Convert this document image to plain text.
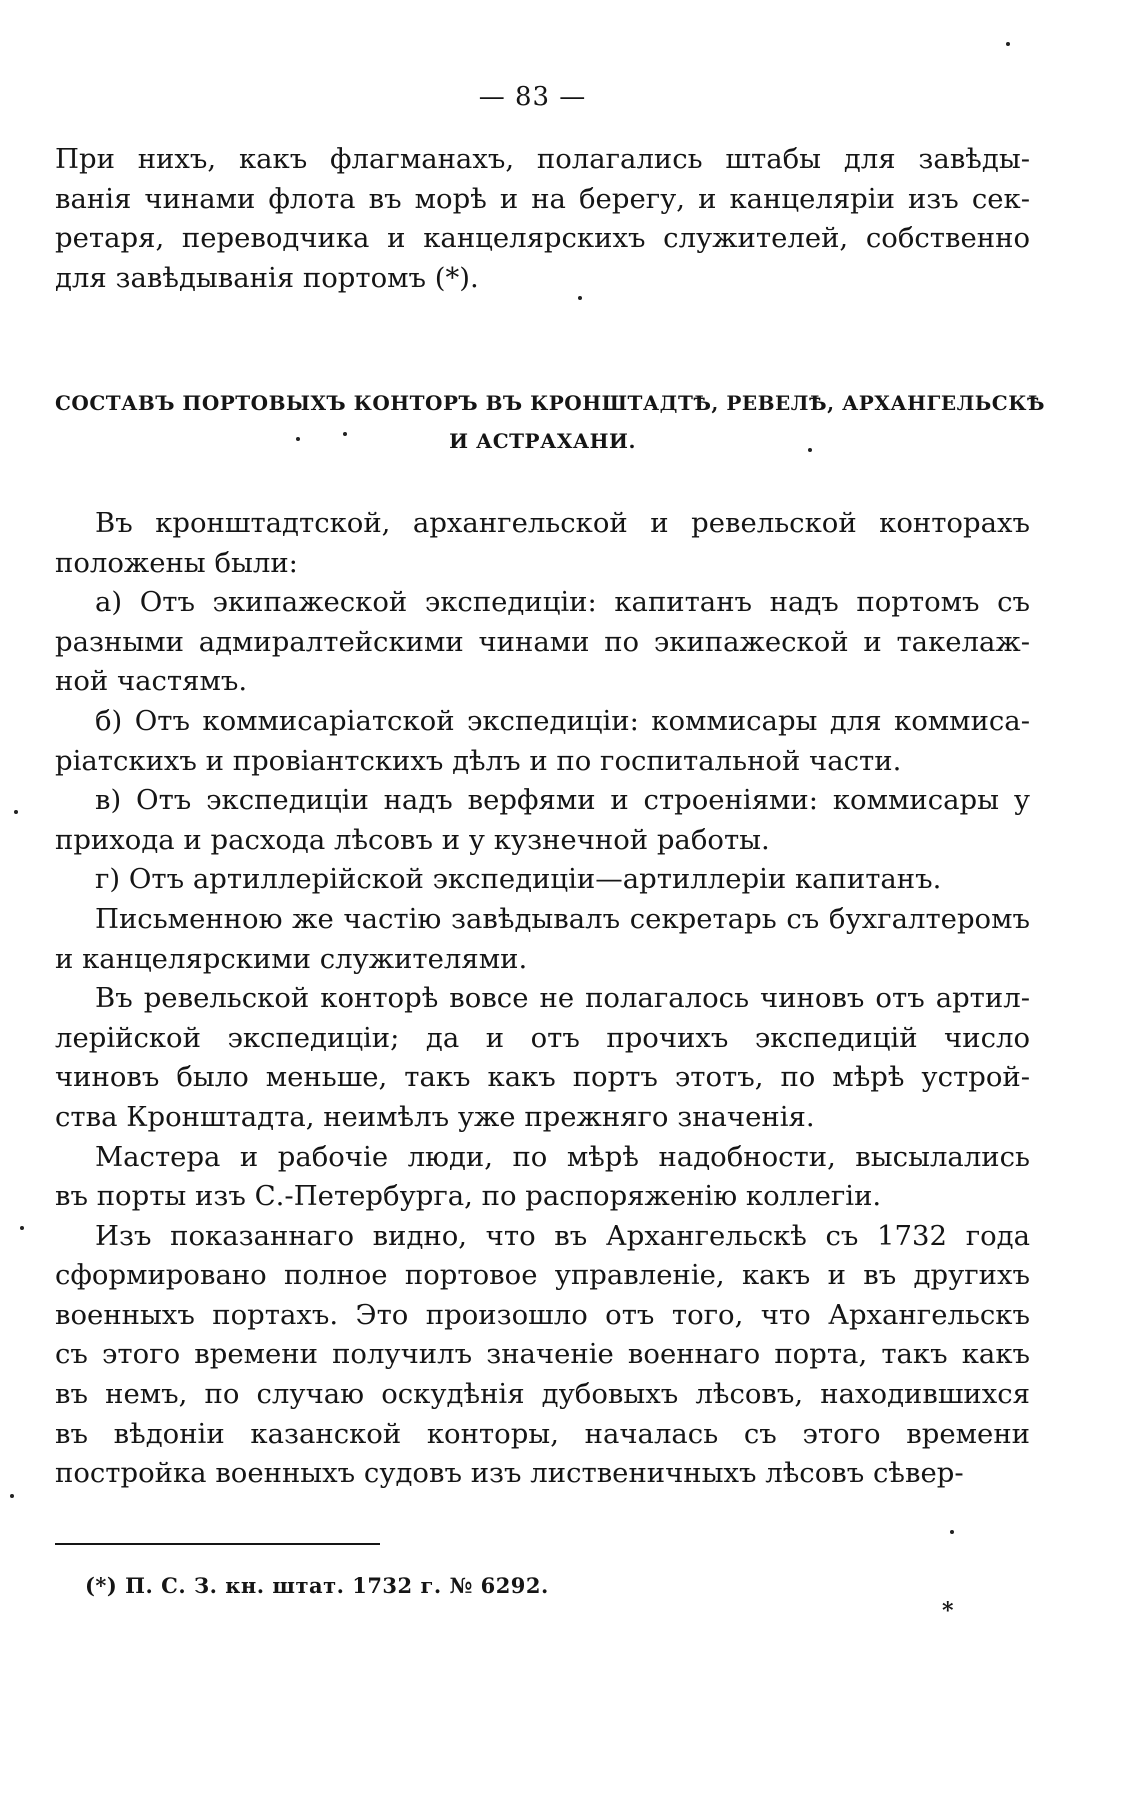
— 83 —
При нихъ, какъ флагманахъ, полагались штабы для завѣды-
ванія чинами флота въ морѣ и на берегу, и канцеляріи изъ сек-
ретаря, переводчика и канцелярскихъ служителей, собственно
для завѣдыванія портомъ (*).
СОСТАВЪ ПОРТОВЫХЪ КОНТОРЪ ВЪ КРОНШТАДТѢ, РЕВЕЛѢ, АРХАНГЕЛЬСКѢ
И АСТРАХАНИ.
Въ кронштадтской, архангельской и ревельской конторахъ
положены были:
а) Отъ экипажеской экспедиціи: капитанъ надъ портомъ съ
разными адмиралтейскими чинами по экипажеской и такелаж-
ной частямъ.
б) Отъ коммисаріатской экспедиціи: коммисары для коммиса-
ріатскихъ и провіантскихъ дѣлъ и по госпитальной части.
в) Отъ экспедиціи надъ верфями и строеніями: коммисары у
прихода и расхода лѣсовъ и у кузнечной работы.
г) Отъ артиллерійской экспедиціи—артиллеріи капитанъ.
Письменною же частію завѣдывалъ секретарь съ бухгалтеромъ
и канцелярскими служителями.
Въ ревельской конторѣ вовсе не полагалось чиновъ отъ артил-
лерійской экспедиціи; да и отъ прочихъ экспедицій число
чиновъ было меньше, такъ какъ портъ этотъ, по мѣрѣ устрой-
ства Кронштадта, неимѣлъ уже прежняго значенія.
Мастера и рабочіе люди, по мѣрѣ надобности, высылались
въ порты изъ С.-Петербурга, по распоряженію коллегіи.
Изъ показаннаго видно, что въ Архангельскѣ съ 1732 года
сформировано полное портовое управленіе, какъ и въ другихъ
военныхъ портахъ. Это произошло отъ того, что Архангельскъ
съ этого времени получилъ значеніе военнаго порта, такъ какъ
въ немъ, по случаю оскудѣнія дубовыхъ лѣсовъ, находившихся
въ вѣдоніи казанской конторы, началась съ этого времени
постройка военныхъ судовъ изъ лиственичныхъ лѣсовъ сѣвер-
(*) П. С. З. кн. штат. 1732 г. № 6292.
*
